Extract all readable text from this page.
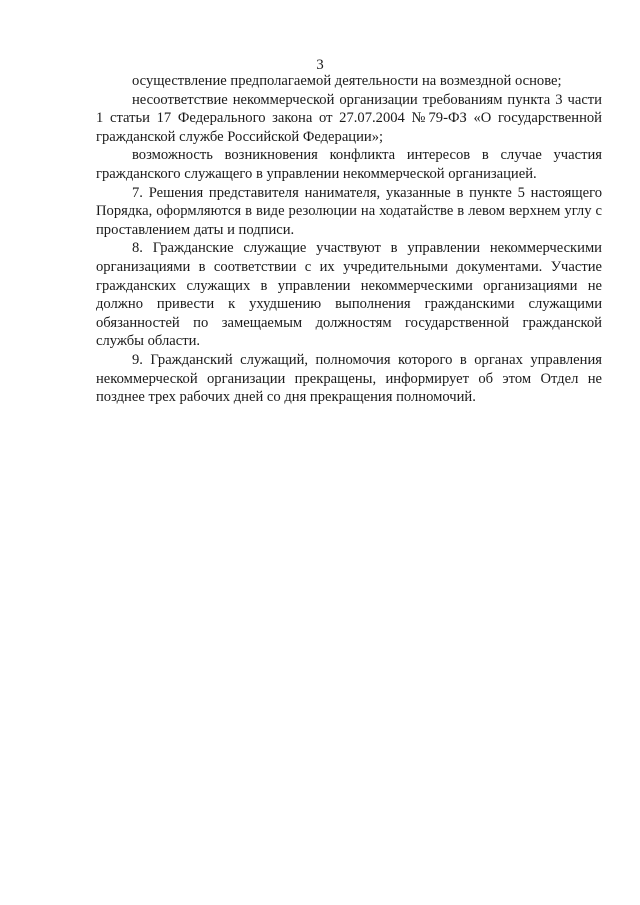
3

осуществление предполагаемой деятельности на возмездной основе;

несоответствие некоммерческой организации требованиям пункта 3 части 1 статьи 17 Федерального закона от 27.07.2004 №79-ФЗ «О государственной гражданской службе Российской Федерации»;

возможность возникновения конфликта интересов в случае участия гражданского служащего в управлении некоммерческой организацией.

7. Решения представителя нанимателя, указанные в пункте 5 настоящего Порядка, оформляются в виде резолюции на ходатайстве в левом верхнем углу с проставлением даты и подписи.

8. Гражданские служащие участвуют в управлении некоммерческими организациями в соответствии с их учредительными документами. Участие гражданских служащих в управлении некоммерческими организациями не должно привести к ухудшению выполнения гражданскими служащими обязанностей по замещаемым должностям государственной гражданской службы области.

9. Гражданский служащий, полномочия которого в органах управления некоммерческой организации прекращены, информирует об этом Отдел не позднее трех рабочих дней со дня прекращения полномочий.
